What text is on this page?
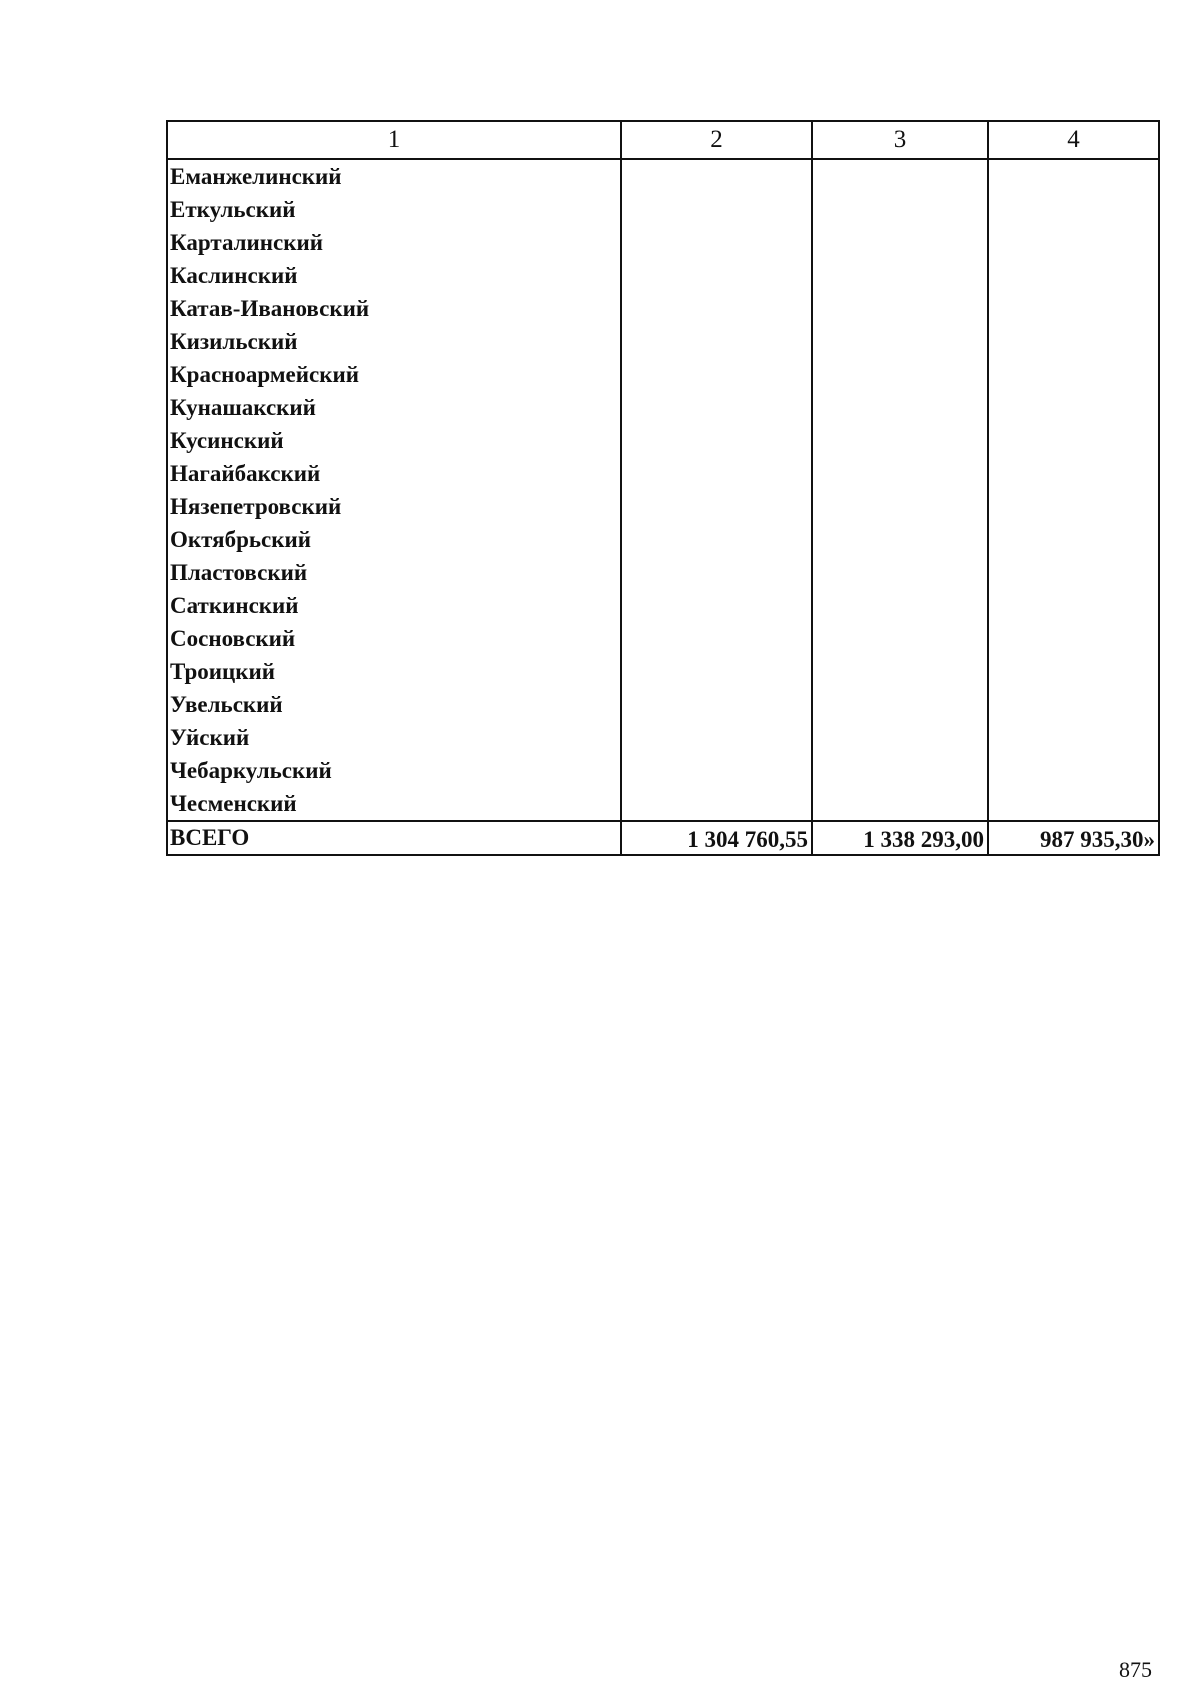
1	2	3	4
Еманжелинский			
Еткульский			
Карталинский			
Каслинский			
Катав-Ивановский			
Кизильский			
Красноармейский			
Кунашакский			
Кусинский			
Нагайбакский			
Нязепетровский			
Октябрьский			
Пластовский			
Саткинский			
Сосновский			
Троицкий			
Увельский			
Уйский			
Чебаркульский			
Чесменский			
ВСЕГО	1 304 760,55	1 338 293,00	987 935,30»
875
